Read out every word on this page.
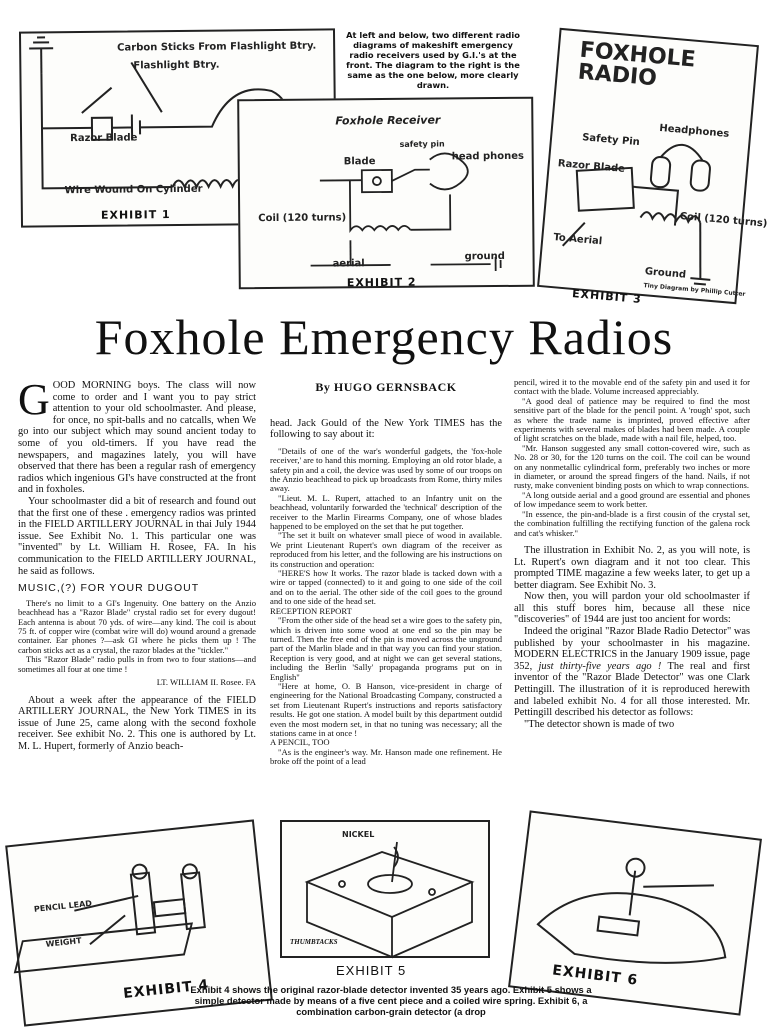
Carbon Sticks From Flashlight Btry.
Flashlight Btry.
Razor Blade
Wire Wound On Cylinder
EXHIBIT 1
At left and below, two different radio diagrams of makeshift emergency radio receivers used by G.I.'s at the front. The diagram to the right is the same as the one below, more clearly drawn.
Foxhole Receiver
safety pin
Blade	head phones
Coil (120 turns)
aerial
ground
EXHIBIT 2
FOXHOLE RADIO
Headphones
Safety Pin
Razor Blade
Coil (120 turns)
To Aerial
Ground
Tiny Diagram by Phillip Cutter
EXHIBIT 3
Foxhole Emergency Radios

GOOD MORNING boys. The class will now come to order and I want you to pay strict attention to your old schoolmaster. And please, for once, no spit-balls and no catcalls, when We go into our subject which may sound ancient today to some of you old-timers. If you have read the newspapers, and magazines lately, you will have observed that there has been a regular rash of emergency radios which ingenious GI's have constructed at the front and in foxholes.

Your schoolmaster did a bit of research and found out that the first one of these . emergency radios was printed in the FIELD ARTILLERY JOURNAL in thai July 1944 issue. See Exhibit No. 1. This particular one was "invented" by Lt. William H. Rosee, FA. In his communication to the FIELD ARTILLERY JOURNAL, he said as follows.

MUSIC,(?) FOR YOUR DUGOUT

There's no limit to a GI's Ingenuity. One battery on the Anzio beachhead has a "Razor Blade" crystal radio set for every dugout! Each antenna is about 70 yds. of wire—any kind. The coil is about 75 ft. of copper wire (combat wire will do) wound around a grenade container. Ear phones ?—ask GI where he picks them up ! The carbon sticks act as a crystal, the razor blades at the "tickler."

This "Razor Blade" radio pulls in from two to four stations—and sometimes all four at one time !

LT. WILLIAM II. Rosee. FA

About a week after the appearance of the FIELD ARTILLERY JOURNAL, the New York TIMES in its issue of June 25, came along with the second foxhole receiver. See exhibit No. 2. This one is authored by Lt. M. L. Hupert, formerly of Anzio beach-

By HUGO GERNSBACK

head. Jack Gould of the New York TIMES has the following to say about it:

"Details of one of the war's wonderful gadgets, the 'fox-hole receiver,' are to hand this morning. Employing an old rotor blade, a safety pin and a coil, the device was used by some of our troops on the Anzio beachhead to pick up broadcasts from Rome, thirty miles away.

"Lieut. M. L. Rupert, attached to an Infantry unit on the beachhead, voluntarily forwarded the 'technical' description of the receiver to the Marlin Firearms Company, one of whose blades happened to be employed on the set that he put together.

"The set it built on whatever small piece of wood in available. We print Lieutenant Rupert's own diagram of the receiver as reproduced from his letter, and the following are his instructions on its construction and operation:

"HERE'S how It works. The razor blade is tacked down with a wire or tapped (connected) to it and going to one side of the coil and on to the aerial. The other side of the coil goes to the ground and to one side of the head set.

RECEPTION REPORT

"From the other side of the head set a wire goes to the safety pin, which is driven into some wood at one end so the pin may be turned. Then the free end of the pin is moved across the unground part of the Marlin blade and in that way you can find your station. Reception is very good, and at night we can get several stations, including the Berlin 'Sally' propaganda programs put on in English"

"Here at home, O. B Hanson, vice-president in charge of engineering for the National Broadcasting Company, constructed a set from Lieutenant Rupert's instructions and reports satisfactory results. He got one station. A model built by this department outdid even the most modern set, in that no tuning was necessary; all the stations came in at once !

A PENCIL, TOO

"As is the engineer's way. Mr. Hanson made one refinement. He broke off the point of a lead

pencil, wired it to the movable end of the safety pin and used it for contact with the blade. Volume increased appreciably.

"A good deal of patience may be required to find the most sensitive part of the blade for the pencil point. A 'rough' spot, such as where the trade name is imprinted, proved effective after experiments with several makes of blades had been made. A couple of light scratches on the blade, made with a nail file, helped, too.

"Mr. Hanson suggested any small cotton-covered wire, such as No. 28 or 30, for the 120 turns on the coil. The coil can be wound on any nonmetallic cylindrical form, preferably two inches or more in diameter, or around the spread fingers of the hand. Nails, if not rusty, make convenient binding posts on which to wrap connections.

"A long outside aerial and a good ground are essential and phones of low impedance seem to work better.

"In essence, the pin-and-blade is a first cousin of the crystal set, the combination fulfilling the rectifying function of the galena rock and cat's whisker."

The illustration in Exhibit No. 2, as you will note, is Lt. Rupert's own diagram and it not too clear. This prompted TIME magazine a few weeks later, to get up a better diagram. See Exhibit No. 3.

Now then, you will pardon your old schoolmaster if all this stuff bores him, because all these nice "discoveries" of 1944 are just too ancient for words:

Indeed the original "Razor Blade Radio Detector" was published by your schoolmaster in his magazine. MODERN ELECTRICS in the January 1909 issue, page 352, just thirty-five years ago ! The real and first inventor of the "Razor Blade Detector" was one Clark Pettingill. The illustration of it is reproduced herewith and labeled exhibit No. 4 for all those interested. Mr. Pettingill described his detector as follows:

"The detector shown is made of two

PENCIL LEAD
WEIGHT
EXHIBIT 4
NICKEL
THUMBTACKS
EXHIBIT 6
EXHIBIT 5
Exhibit 4 shows the original razor-blade detector invented 35 years ago. Exhibit 5 shows a simple detector made by means of a five cent piece and a coiled wire spring. Exhibit 6, a combination carbon-grain detector (a drop
